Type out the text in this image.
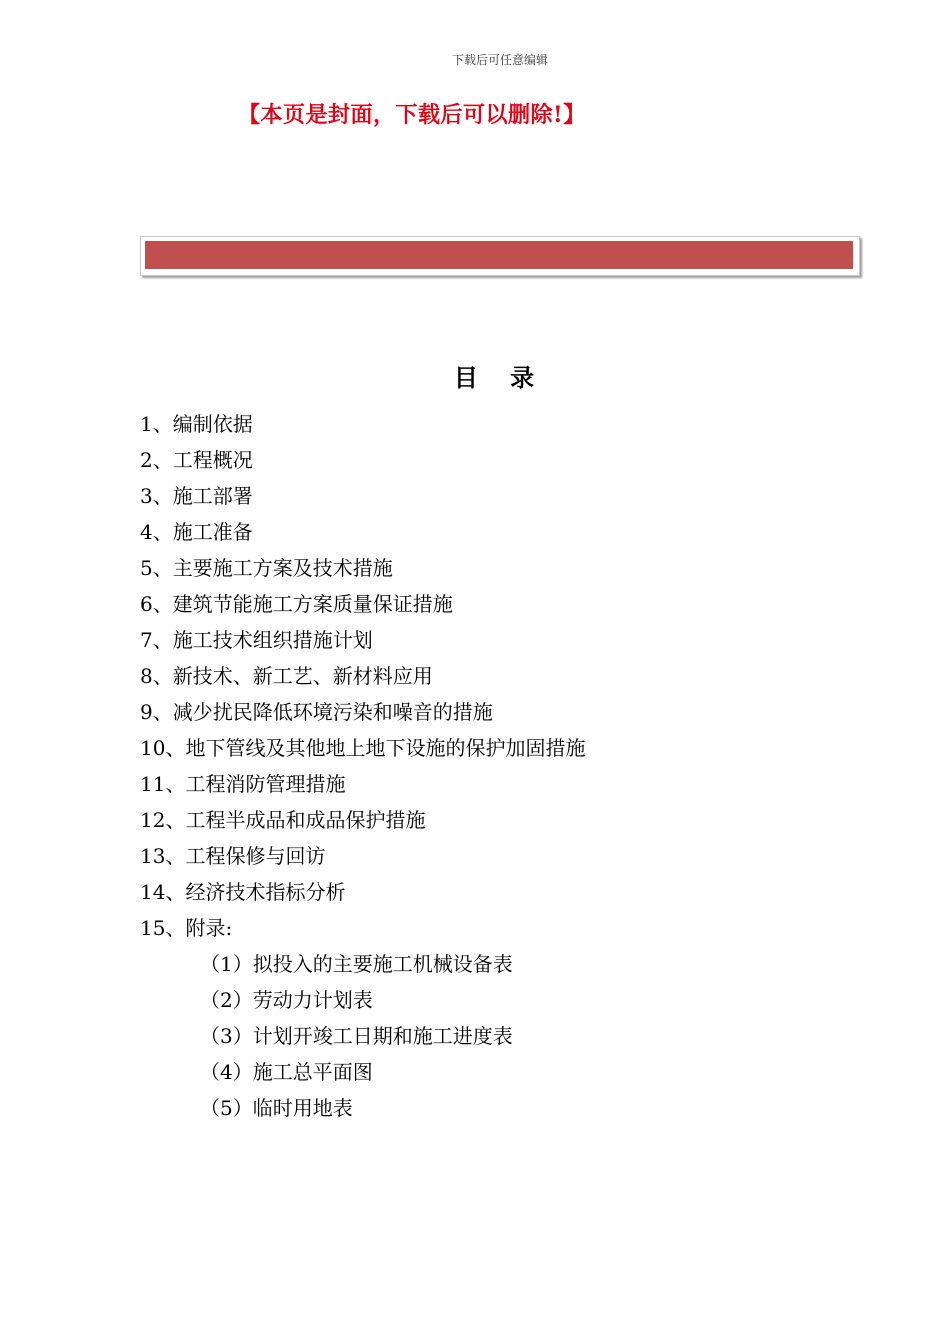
下载后可任意编辑
【本页是封面，下载后可以删除!】
目 录
1、编制依据
2、工程概况
3、施工部署
4、施工准备
5、主要施工方案及技术措施
6、建筑节能施工方案质量保证措施
7、施工技术组织措施计划
8、新技术、新工艺、新材料应用
9、减少扰民降低环境污染和噪音的措施
10、地下管线及其他地上地下设施的保护加固措施
11、工程消防管理措施
12、工程半成品和成品保护措施
13、工程保修与回访
14、经济技术指标分析
15、附录:
（1）拟投入的主要施工机械设备表
（2）劳动力计划表
（3）计划开竣工日期和施工进度表
（4）施工总平面图
（5）临时用地表
